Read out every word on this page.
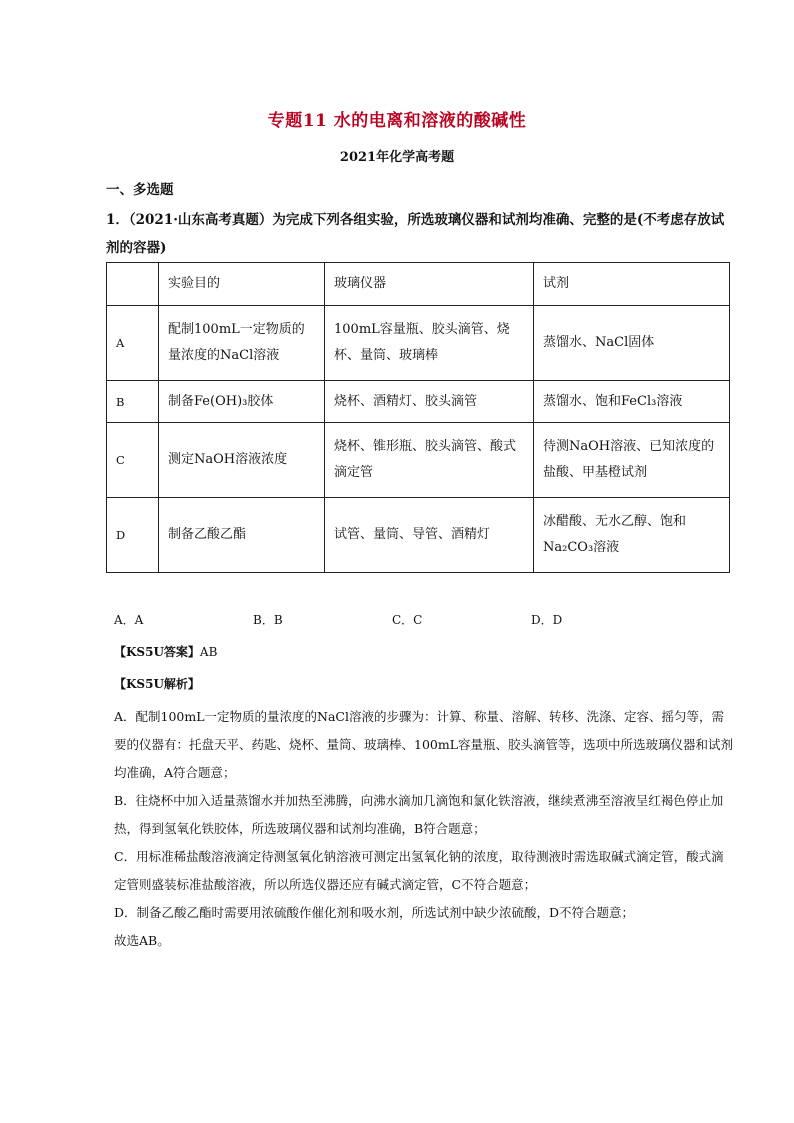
专题11 水的电离和溶液的酸碱性
2021年化学高考题
一、多选题
1．（2021·山东高考真题）为完成下列各组实验，所选玻璃仪器和试剂均准确、完整的是(不考虑存放试剂的容器)
	实验目的	玻璃仪器	试剂
A	配制100mL一定物质的量浓度的NaCl溶液	100mL容量瓶、胶头滴管、烧杯、量筒、玻璃棒	蒸馏水、NaCl固体
B	制备Fe(OH)₃胶体	烧杯、酒精灯、胶头滴管	蒸馏水、饱和FeCl₃溶液
C	测定NaOH溶液浓度	烧杯、锥形瓶、胶头滴管、酸式滴定管	待测NaOH溶液、已知浓度的盐酸、甲基橙试剂
D	制备乙酸乙酯	试管、量筒、导管、酒精灯	冰醋酸、无水乙醇、饱和Na₂CO₃溶液
A．A	B．B	C．C	D．D
【KS5U答案】AB
【KS5U解析】

A．配制100mL一定物质的量浓度的NaCl溶液的步骤为：计算、称量、溶解、转移、洗涤、定容、摇匀等，需要的仪器有：托盘天平、药匙、烧杯、量筒、玻璃棒、100mL容量瓶、胶头滴管等，选项中所选玻璃仪器和试剂均准确，A符合题意；

B．往烧杯中加入适量蒸馏水并加热至沸腾，向沸水滴加几滴饱和氯化铁溶液，继续煮沸至溶液呈红褐色停止加热，得到氢氧化铁胶体，所选玻璃仪器和试剂均准确，B符合题意；

C．用标准稀盐酸溶液滴定待测氢氧化钠溶液可测定出氢氧化钠的浓度，取待测液时需选取碱式滴定管，酸式滴定管则盛装标准盐酸溶液，所以所选仪器还应有碱式滴定管，C不符合题意；

D．制备乙酸乙酯时需要用浓硫酸作催化剂和吸水剂，所选试剂中缺少浓硫酸，D不符合题意；

故选AB。
